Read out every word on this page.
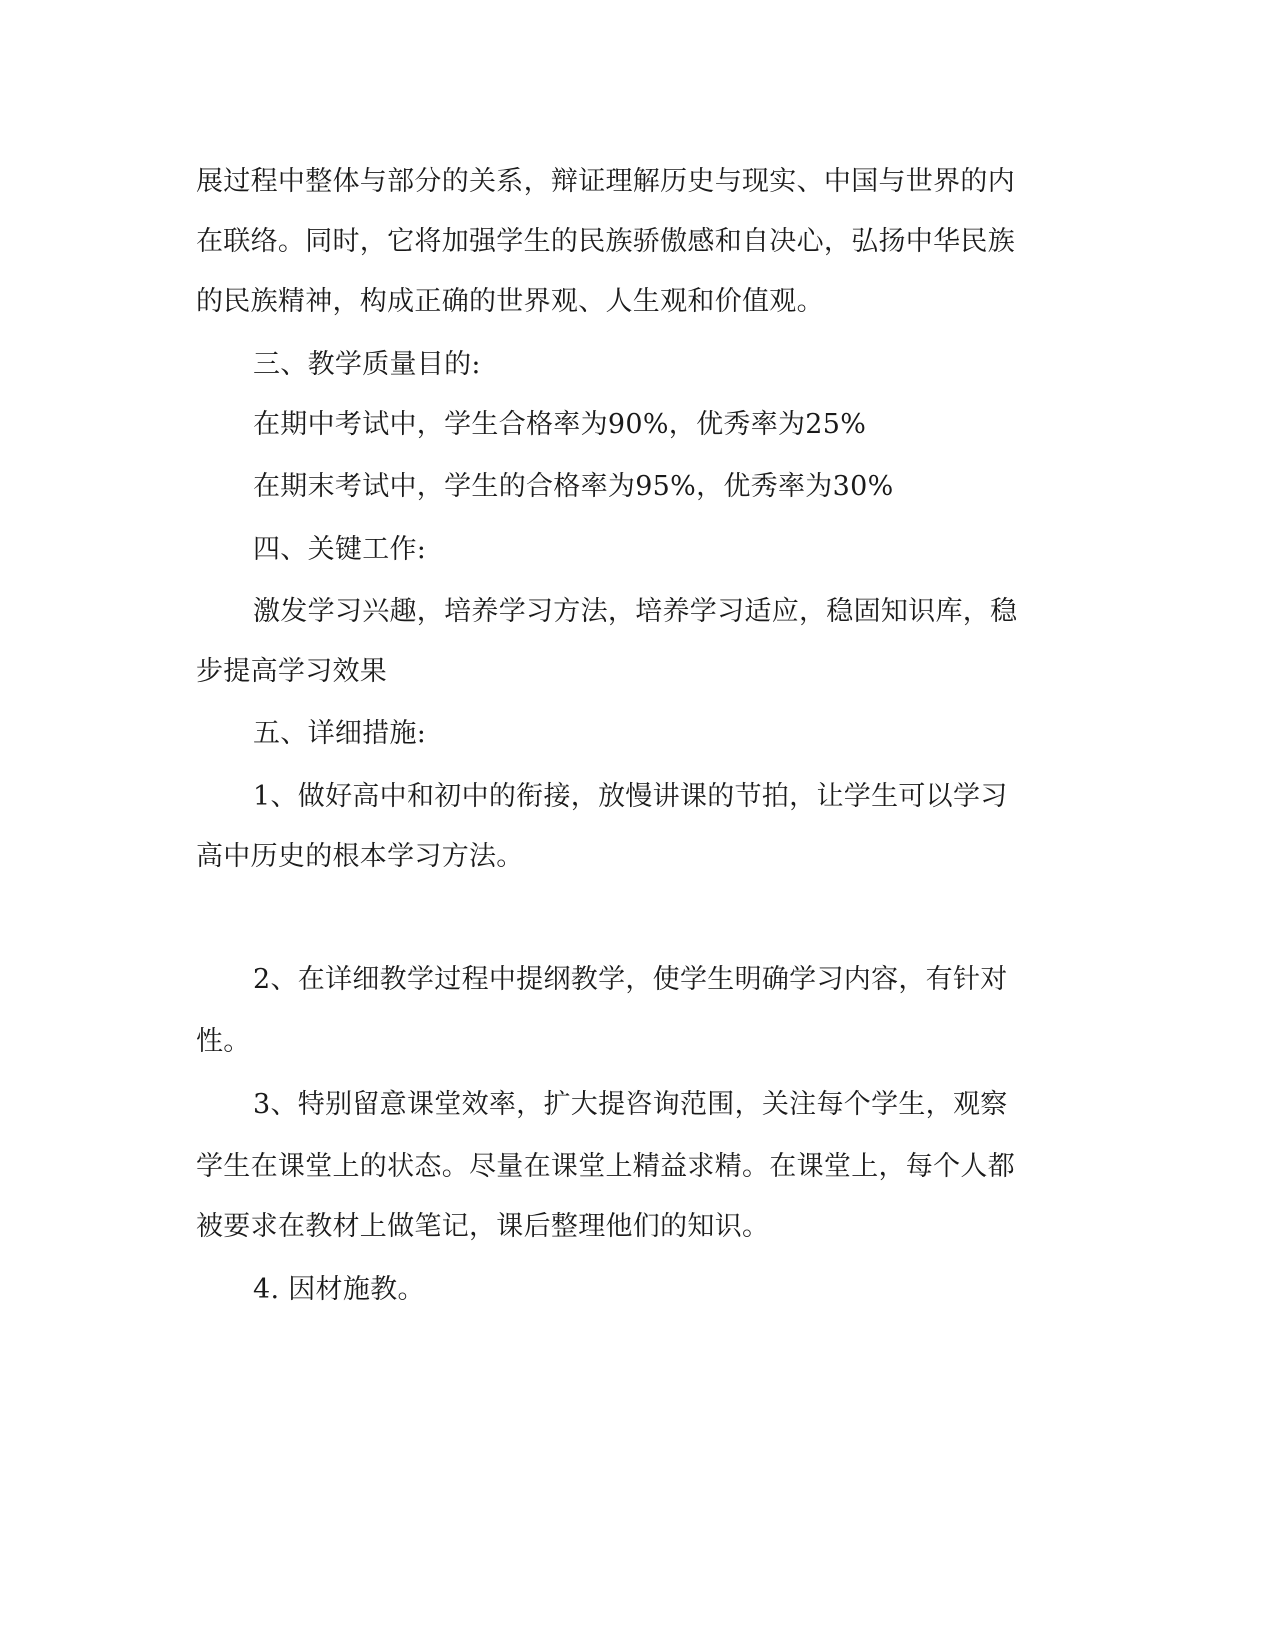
展过程中整体与部分的关系，辩证理解历史与现实、中国与世界的内
在联络。同时，它将加强学生的民族骄傲感和自决心，弘扬中华民族
的民族精神，构成正确的世界观、人生观和价值观。
三、教学质量目的:
在期中考试中，学生合格率为90%，优秀率为25%
在期末考试中，学生的合格率为95%，优秀率为30%
四、关键工作:
激发学习兴趣，培养学习方法，培养学习适应，稳固知识库，稳
步提高学习效果
五、详细措施:
1、做好高中和初中的衔接，放慢讲课的节拍，让学生可以学习
高中历史的根本学习方法。
2、在详细教学过程中提纲教学，使学生明确学习内容，有针对
性。
3、特别留意课堂效率，扩大提咨询范围，关注每个学生，观察
学生在课堂上的状态。尽量在课堂上精益求精。在课堂上，每个人都
被要求在教材上做笔记，课后整理他们的知识。
4. 因材施教。
